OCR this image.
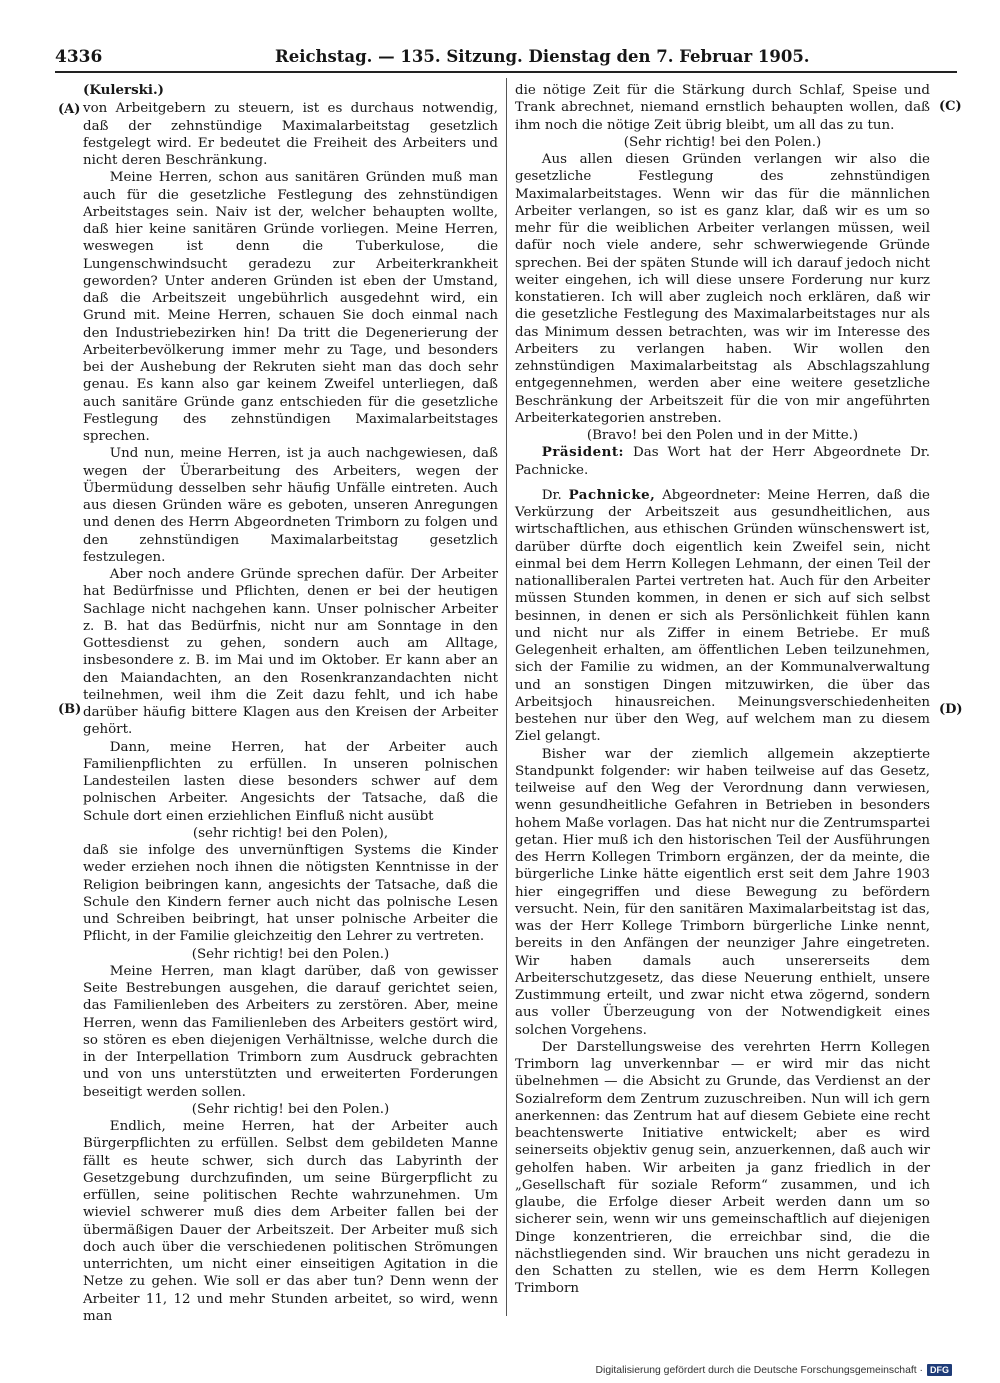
4336	Reichstag. — 135. Sitzung. Dienstag den 7. Februar 1905.
(A)
(B)
(C)
(D)

(Kulerski.)

von Arbeitgebern zu steuern, ist es durchaus notwendig, daß der zehnstündige Maximalarbeitstag gesetzlich festgelegt wird. Er bedeutet die Freiheit des Arbeiters und nicht deren Beschränkung.

Meine Herren, schon aus sanitären Gründen muß man auch für die gesetzliche Festlegung des zehnstündigen Arbeitstages sein. Naiv ist der, welcher behaupten wollte, daß hier keine sanitären Gründe vorliegen. Meine Herren, weswegen ist denn die Tuberkulose, die Lungenschwindsucht geradezu zur Arbeiterkrankheit geworden? Unter anderen Gründen ist eben der Umstand, daß die Arbeitszeit ungebührlich ausgedehnt wird, ein Grund mit. Meine Herren, schauen Sie doch einmal nach den Industriebezirken hin! Da tritt die Degenerierung der Arbeiterbevölkerung immer mehr zu Tage, und besonders bei der Aushebung der Rekruten sieht man das doch sehr genau. Es kann also gar keinem Zweifel unterliegen, daß auch sanitäre Gründe ganz entschieden für die gesetzliche Festlegung des zehnstündigen Maximalarbeitstages sprechen.

Und nun, meine Herren, ist ja auch nachgewiesen, daß wegen der Überarbeitung des Arbeiters, wegen der Übermüdung desselben sehr häufig Unfälle eintreten. Auch aus diesen Gründen wäre es geboten, unseren Anregungen und denen des Herrn Abgeordneten Trimborn zu folgen und den zehnstündigen Maximalarbeitstag gesetzlich festzulegen.

Aber noch andere Gründe sprechen dafür. Der Arbeiter hat Bedürfnisse und Pflichten, denen er bei der heutigen Sachlage nicht nachgehen kann. Unser polnischer Arbeiter z. B. hat das Bedürfnis, nicht nur am Sonntage in den Gottesdienst zu gehen, sondern auch am Alltage, insbesondere z. B. im Mai und im Oktober. Er kann aber an den Maiandachten, an den Rosenkranzandachten nicht teilnehmen, weil ihm die Zeit dazu fehlt, und ich habe darüber häufig bittere Klagen aus den Kreisen der Arbeiter gehört.

Dann, meine Herren, hat der Arbeiter auch Familienpflichten zu erfüllen. In unseren polnischen Landesteilen lasten diese besonders schwer auf dem polnischen Arbeiter. Angesichts der Tatsache, daß die Schule dort einen erziehlichen Einfluß nicht ausübt

(sehr richtig! bei den Polen),

daß sie infolge des unvernünftigen Systems die Kinder weder erziehen noch ihnen die nötigsten Kenntnisse in der Religion beibringen kann, angesichts der Tatsache, daß die Schule den Kindern ferner auch nicht das polnische Lesen und Schreiben beibringt, hat unser polnische Arbeiter die Pflicht, in der Familie gleichzeitig den Lehrer zu vertreten.

(Sehr richtig! bei den Polen.)

Meine Herren, man klagt darüber, daß von gewisser Seite Bestrebungen ausgehen, die darauf gerichtet seien, das Familienleben des Arbeiters zu zerstören. Aber, meine Herren, wenn das Familienleben des Arbeiters gestört wird, so stören es eben diejenigen Verhältnisse, welche durch die in der Interpellation Trimborn zum Ausdruck gebrachten und von uns unterstützten und erweiterten Forderungen beseitigt werden sollen.

(Sehr richtig! bei den Polen.)

Endlich, meine Herren, hat der Arbeiter auch Bürgerpflichten zu erfüllen. Selbst dem gebildeten Manne fällt es heute schwer, sich durch das Labyrinth der Gesetzgebung durchzufinden, um seine Bürgerpflicht zu erfüllen, seine politischen Rechte wahrzunehmen. Um wieviel schwerer muß dies dem Arbeiter fallen bei der übermäßigen Dauer der Arbeitszeit. Der Arbeiter muß sich doch auch über die verschiedenen politischen Strömungen unterrichten, um nicht einer einseitigen Agitation in die Netze zu gehen. Wie soll er das aber tun? Denn wenn der Arbeiter 11, 12 und mehr Stunden arbeitet, so wird, wenn man

die nötige Zeit für die Stärkung durch Schlaf, Speise und Trank abrechnet, niemand ernstlich behaupten wollen, daß ihm noch die nötige Zeit übrig bleibt, um all das zu tun.

(Sehr richtig! bei den Polen.)

Aus allen diesen Gründen verlangen wir also die gesetzliche Festlegung des zehnstündigen Maximalarbeitstages. Wenn wir das für die männlichen Arbeiter verlangen, so ist es ganz klar, daß wir es um so mehr für die weiblichen Arbeiter verlangen müssen, weil dafür noch viele andere, sehr schwerwiegende Gründe sprechen. Bei der späten Stunde will ich darauf jedoch nicht weiter eingehen, ich will diese unsere Forderung nur kurz konstatieren. Ich will aber zugleich noch erklären, daß wir die gesetzliche Festlegung des Maximalarbeitstages nur als das Minimum dessen betrachten, was wir im Interesse des Arbeiters zu verlangen haben. Wir wollen den zehnstündigen Maximalarbeitstag als Abschlagszahlung entgegennehmen, werden aber eine weitere gesetzliche Beschränkung der Arbeitszeit für die von mir angeführten Arbeiterkategorien anstreben.

(Bravo! bei den Polen und in der Mitte.)

Präsident: Das Wort hat der Herr Abgeordnete Dr. Pachnicke.

Dr. Pachnicke, Abgeordneter: Meine Herren, daß die Verkürzung der Arbeitszeit aus gesundheitlichen, aus wirtschaftlichen, aus ethischen Gründen wünschenswert ist, darüber dürfte doch eigentlich kein Zweifel sein, nicht einmal bei dem Herrn Kollegen Lehmann, der einen Teil der nationalliberalen Partei vertreten hat. Auch für den Arbeiter müssen Stunden kommen, in denen er sich auf sich selbst besinnen, in denen er sich als Persönlichkeit fühlen kann und nicht nur als Ziffer in einem Betriebe. Er muß Gelegenheit erhalten, am öffentlichen Leben teilzunehmen, sich der Familie zu widmen, an der Kommunalverwaltung und an sonstigen Dingen mitzuwirken, die über das Arbeitsjoch hinausreichen. Meinungsverschiedenheiten bestehen nur über den Weg, auf welchem man zu diesem Ziel gelangt.

Bisher war der ziemlich allgemein akzeptierte Standpunkt folgender: wir haben teilweise auf das Gesetz, teilweise auf den Weg der Verordnung dann verwiesen, wenn gesundheitliche Gefahren in Betrieben in besonders hohem Maße vorlagen. Das hat nicht nur die Zentrumspartei getan. Hier muß ich den historischen Teil der Ausführungen des Herrn Kollegen Trimborn ergänzen, der da meinte, die bürgerliche Linke hätte eigentlich erst seit dem Jahre 1903 hier eingegriffen und diese Bewegung zu befördern versucht. Nein, für den sanitären Maximalarbeitstag ist das, was der Herr Kollege Trimborn bürgerliche Linke nennt, bereits in den Anfängen der neunziger Jahre eingetreten. Wir haben damals auch unsererseits dem Arbeiterschutzgesetz, das diese Neuerung enthielt, unsere Zustimmung erteilt, und zwar nicht etwa zögernd, sondern aus voller Überzeugung von der Notwendigkeit eines solchen Vorgehens.

Der Darstellungsweise des verehrten Herrn Kollegen Trimborn lag unverkennbar — er wird mir das nicht übelnehmen — die Absicht zu Grunde, das Verdienst an der Sozialreform dem Zentrum zuzuschreiben. Nun will ich gern anerkennen: das Zentrum hat auf diesem Gebiete eine recht beachtenswerte Initiative entwickelt; aber es wird seinerseits objektiv genug sein, anzuerkennen, daß auch wir geholfen haben. Wir arbeiten ja ganz friedlich in der „Gesellschaft für soziale Reform“ zusammen, und ich glaube, die Erfolge dieser Arbeit werden dann um so sicherer sein, wenn wir uns gemeinschaftlich auf diejenigen Dinge konzentrieren, die erreichbar sind, die die nächstliegenden sind. Wir brauchen uns nicht geradezu in den Schatten zu stellen, wie es dem Herrn Kollegen Trimborn

Digitalisierung gefördert durch die Deutsche Forschungsgemeinschaft · DFG
